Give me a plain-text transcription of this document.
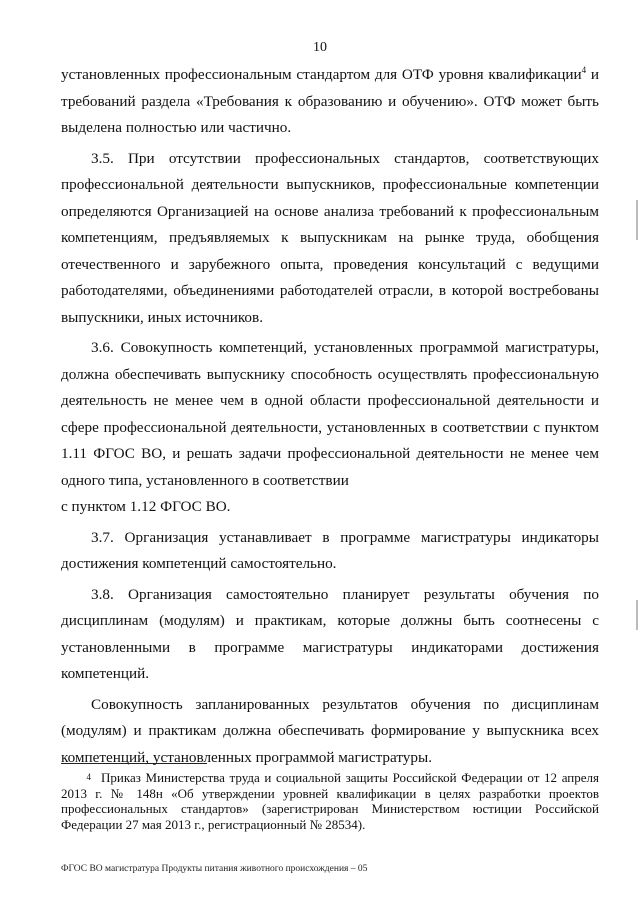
10

установленных профессиональным стандартом для ОТФ уровня квалификации$^4$ и требований раздела «Требования к образованию и обучению». ОТФ может быть выделена полностью или частично.

3.5. При отсутствии профессиональных стандартов, соответствующих профессиональной деятельности выпускников, профессиональные компетенции определяются Организацией на основе анализа требований к профессиональным компетенциям, предъявляемых к выпускникам на рынке труда, обобщения отечественного и зарубежного опыта, проведения консультаций с ведущими работодателями, объединениями работодателей отрасли, в которой востребованы выпускники, иных источников.

3.6. Совокупность компетенций, установленных программой магистратуры, должна обеспечивать выпускнику способность осуществлять профессиональную деятельность не менее чем в одной области профессиональной деятельности и сфере профессиональной деятельности, установленных в соответствии с пунктом 1.11 ФГОС ВО, и решать задачи профессиональной деятельности не менее чем одного типа, установленного в соответствии

с пунктом 1.12 ФГОС ВО.

3.7. Организация устанавливает в программе магистратуры индикаторы достижения компетенций самостоятельно.

3.8. Организация самостоятельно планирует результаты обучения по дисциплинам (модулям) и практикам, которые должны быть соотнесены с установленными в программе магистратуры индикаторами достижения компетенций.

Совокупность запланированных результатов обучения по дисциплинам (модулям) и практикам должна обеспечивать формирование у выпускника всех компетенций, установленных программой магистратуры.

4 Приказ Министерства труда и социальной защиты Российской Федерации от 12 апреля 2013 г. № 148н «Об утверждении уровней квалификации в целях разработки проектов профессиональных стандартов» (зарегистрирован Министерством юстиции Российской Федерации 27 мая 2013 г., регистрационный № 28534).
ФГОС ВО магистратура Продукты питания животного происхождения – 05
